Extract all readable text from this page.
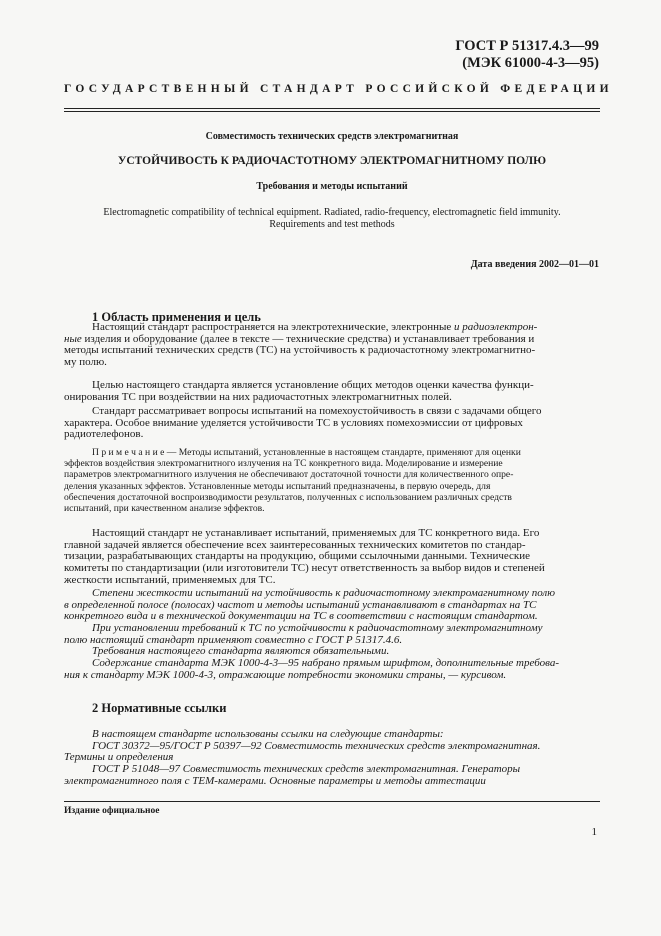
ГОСТ Р 51317.4.3—99
(МЭК 61000-4-3—95)
ГОСУДАРСТВЕННЫЙ СТАНДАРТ РОССИЙСКОЙ ФЕДЕРАЦИИ
Совместимость технических средств электромагнитная
УСТОЙЧИВОСТЬ К РАДИОЧАСТОТНОМУ ЭЛЕКТРОМАГНИТНОМУ ПОЛЮ
Требования и методы испытаний
Electromagnetic compatibility of technical equipment. Radiated, radio-frequency, electromagnetic field immunity.
Requirements and test methods
Дата введения 2002—01—01
1 Область применения и цель
Настоящий стандарт распространяется на электротехнические, электронные и радиоэлектрон-
ные изделия и оборудование (далее в тексте — технические средства) и устанавливает требования и
методы испытаний технических средств (ТС) на устойчивость к радиочастотному электромагнитно-
му полю.
Целью настоящего стандарта является установление общих методов оценки качества функци-
онирования ТС при воздействии на них радиочастотных электромагнитных полей.
Стандарт рассматривает вопросы испытаний на помехоустойчивость в связи с задачами общего
характера. Особое внимание уделяется устойчивости ТС в условиях помехоэмиссии от цифровых
радиотелефонов.
П р и м е ч а н и е — Методы испытаний, установленные в настоящем стандарте, применяют для оценки
эффектов воздействия электромагнитного излучения на ТС конкретного вида. Моделирование и измерение
параметров электромагнитного излучения не обеспечивают достаточной точности для количественного опре-
деления указанных эффектов. Установленные методы испытаний предназначены, в первую очередь, для
обеспечения достаточной воспроизводимости результатов, полученных с использованием различных средств
испытаний, при качественном анализе эффектов.
Настоящий стандарт не устанавливает испытаний, применяемых для ТС конкретного вида. Его
главной задачей является обеспечение всех заинтересованных технических комитетов по стандар-
тизации, разрабатывающих стандарты на продукцию, общими ссылочными данными. Технические
комитеты по стандартизации (или изготовители ТС) несут ответственность за выбор видов и степеней
жесткости испытаний, применяемых для ТС.
Степени жесткости испытаний на устойчивость к радиочастотному электромагнитному полю
в определенной полосе (полосах) частот и методы испытаний устанавливают в стандартах на ТС
конкретного вида и в технической документации на ТС в соответствии с настоящим стандартом.
При установлении требований к ТС по устойчивости к радиочастотному электромагнитному
полю настоящий стандарт применяют совместно с ГОСТ Р 51317.4.6.
Требования настоящего стандарта являются обязательными.
Содержание стандарта МЭК 1000-4-3—95 набрано прямым шрифтом, дополнительные требова-
ния к стандарту МЭК 1000-4-3, отражающие потребности экономики страны, — курсивом.
2 Нормативные ссылки
В настоящем стандарте использованы ссылки на следующие стандарты:
ГОСТ 30372—95/ГОСТ Р 50397—92 Совместимость технических средств электромагнитная.
Термины и определения
ГОСТ Р 51048—97 Совместимость технических средств электромагнитная. Генераторы
электромагнитного поля с ТЕМ-камерами. Основные параметры и методы аттестации
Издание официальное
1
